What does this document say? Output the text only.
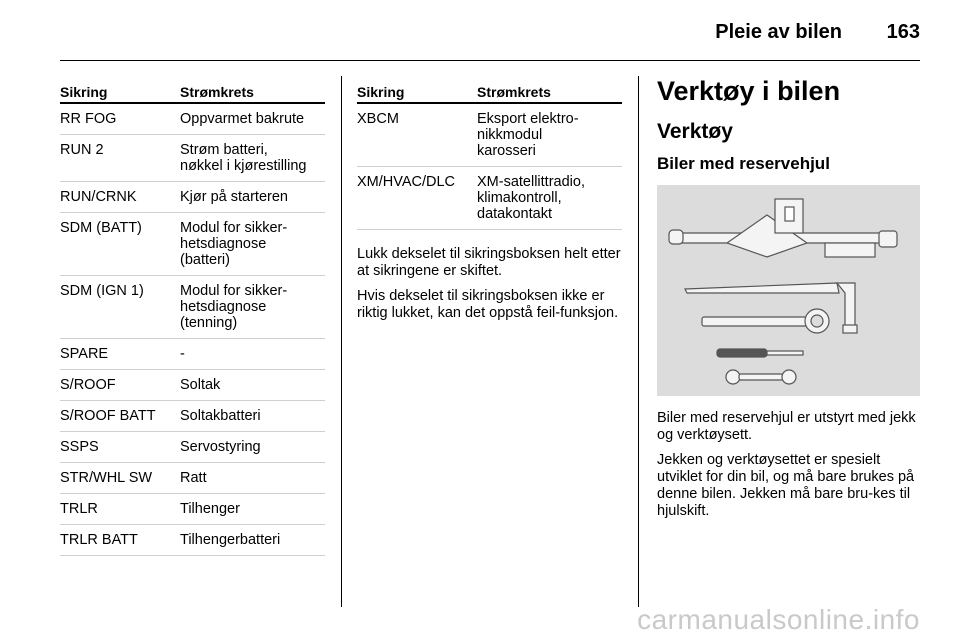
Pleie av bilen 163
Sikring	Strømkrets
RR FOG	Oppvarmet bakrute
RUN 2	Strøm batteri,
nøkkel i kjørestilling
RUN/CRNK	Kjør på starteren
SDM (BATT)	Modul for sikker-
hetsdiagnose
(batteri)
SDM (IGN 1)	Modul for sikker-
hetsdiagnose
(tenning)
SPARE	-
S/ROOF	Soltak
S/ROOF BATT	Soltakbatteri
SSPS	Servostyring
STR/WHL SW	Ratt
TRLR	Tilhenger
TRLR BATT	Tilhengerbatteri
Sikring	Strømkrets
XBCM	Eksport elektro-
nikkmodul
karosseri
XM/HVAC/DLC	XM-satellittradio,
klimakontroll,
datakontakt

Lukk dekselet til sikringsboksen helt etter at sikringene er skiftet.

Hvis dekselet til sikringsboksen ikke er riktig lukket, kan det oppstå feil-funksjon.

Verktøy i bilen
Verktøy
Biler med reservehjul

Biler med reservehjul er utstyrt med jekk og verktøysett.

Jekken og verktøysettet er spesielt utviklet for din bil, og må bare brukes på denne bilen. Jekken må bare bru-kes til hjulskift.

carmanualsonline.info
